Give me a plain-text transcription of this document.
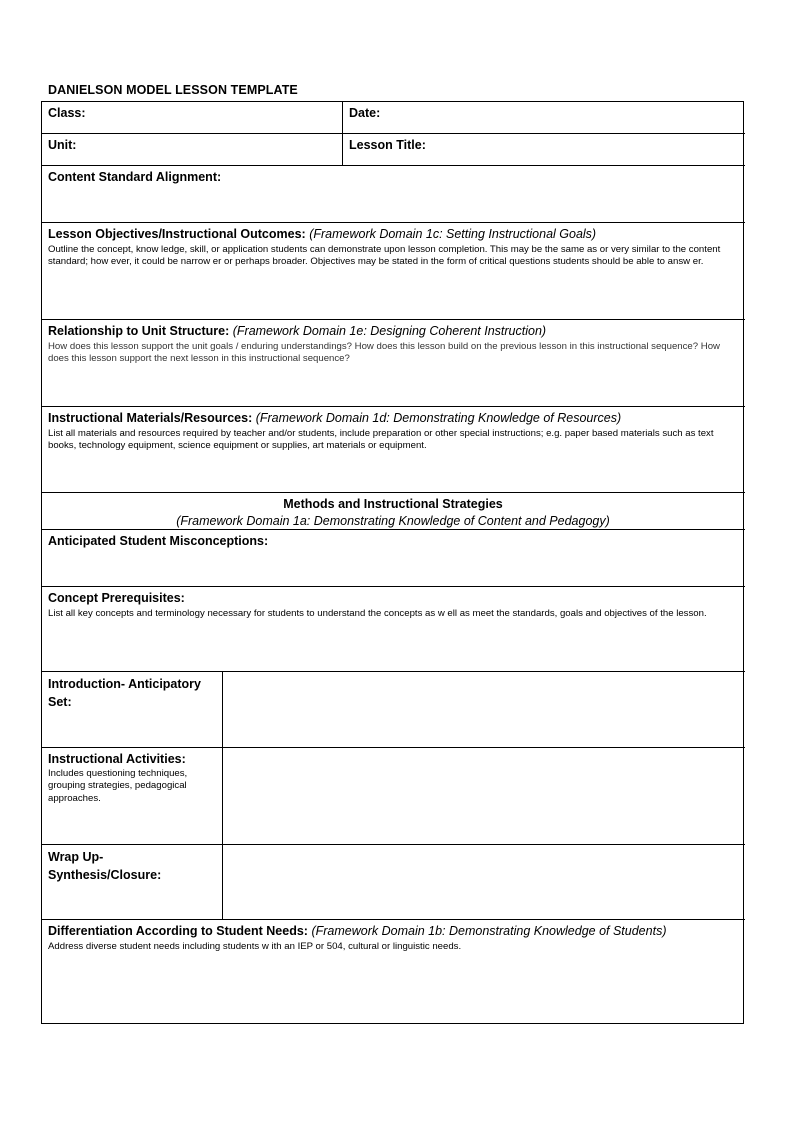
DANIELSON MODEL LESSON TEMPLATE
Class:	Date:
Unit:	Lesson Title:
Content Standard Alignment:
Lesson Objectives/Instructional Outcomes: (Framework Domain 1c: Setting Instructional Goals)
Outline the concept, know ledge, skill, or application students can demonstrate upon lesson completion. This may be the same as or very similar to the content standard; how ever, it could be narrow er or perhaps broader. Objectives may be stated in the form of critical questions students should be able to answ er.
Relationship to Unit Structure: (Framework Domain 1e: Designing Coherent Instruction)
How does this lesson support the unit goals / enduring understandings? How does this lesson build on the previous lesson in this instructional sequence? How does this lesson support the next lesson in this instructional sequence?
Instructional Materials/Resources: (Framework Domain 1d: Demonstrating Knowledge of Resources)
List all materials and resources required by teacher and/or students, include preparation or other special instructions; e.g. paper based materials such as text books, technology equipment, science equipment or supplies, art materials or equipment.
Methods and Instructional Strategies
(Framework Domain 1a: Demonstrating Knowledge of Content and Pedagogy)
Anticipated Student Misconceptions:
Concept Prerequisites:
List all key concepts and terminology necessary for students to understand the concepts as w ell as meet the standards, goals and objectives of the lesson.
Introduction- Anticipatory
Set:
Instructional Activities:
Includes questioning techniques, grouping strategies, pedagogical approaches.
Wrap Up-
Synthesis/Closure:
Differentiation According to Student Needs: (Framework Domain 1b: Demonstrating Knowledge of Students)
Address diverse student needs including students w ith an IEP or 504, cultural or linguistic needs.
